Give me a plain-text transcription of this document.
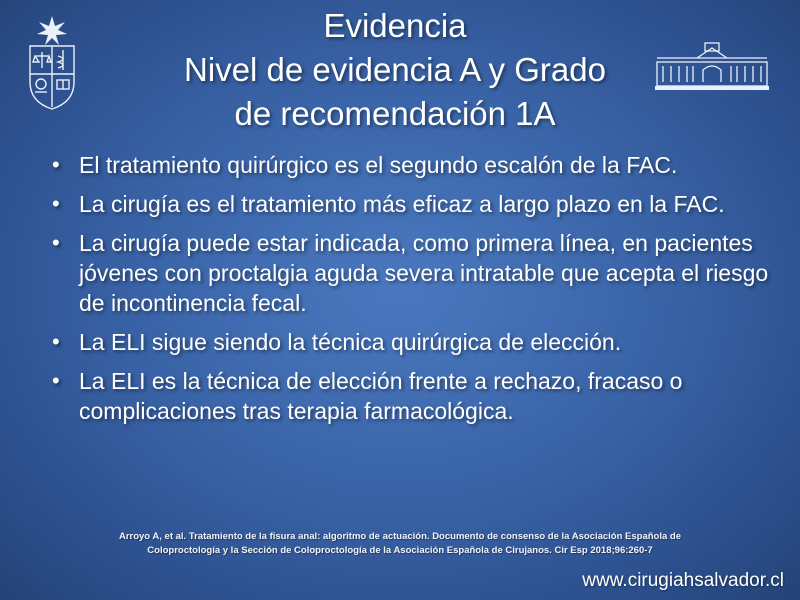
Evidencia
Nivel de evidencia A y Grado
de recomendación 1A
• El tratamiento quirúrgico es el segundo escalón de la FAC.
• La cirugía es el tratamiento más eficaz a largo plazo en la FAC.
• La cirugía puede estar indicada, como primera línea, en pacientes jóvenes con proctalgia aguda severa intratable que acepta el riesgo de incontinencia fecal.
• La ELI sigue siendo la técnica quirúrgica de elección.
• La ELI es la técnica de elección frente a rechazo, fracaso o complicaciones tras terapia farmacológica.
Arroyo A, et al. Tratamiento de la fisura anal: algoritmo de actuación. Documento de consenso de la Asociación Española de
Coloproctología y la Sección de Coloproctología de la Asociación Española de Cirujanos. Cir Esp 2018;96:260-7
www.cirugiahsalvador.cl
